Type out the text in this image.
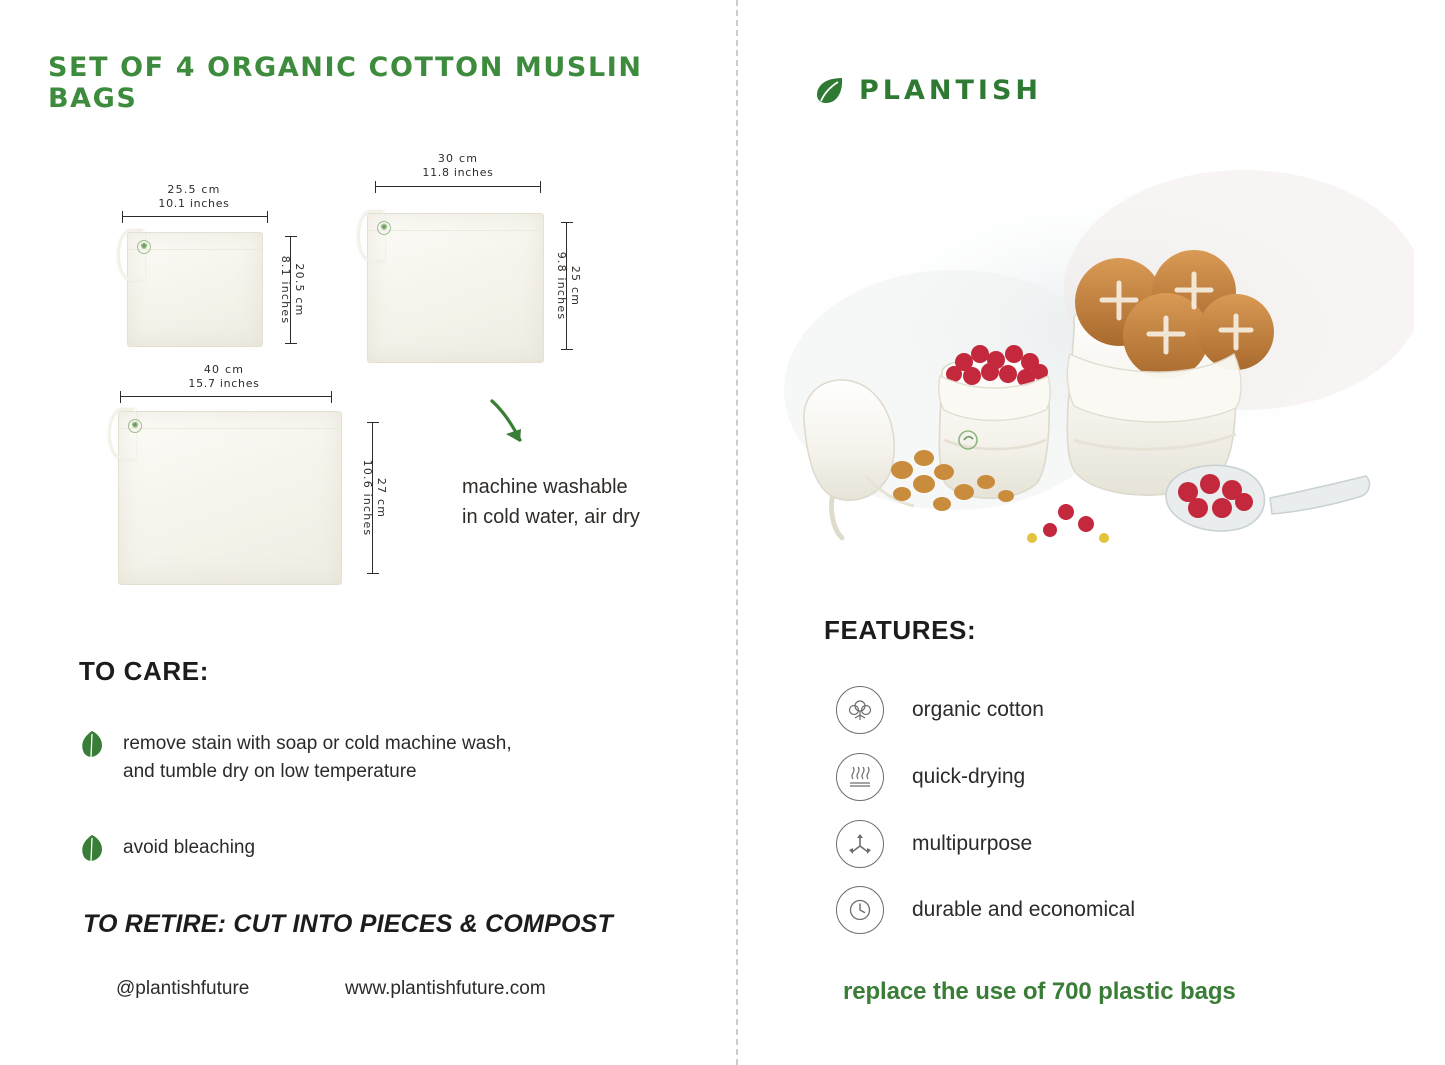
SET OF 4 ORGANIC COTTON MUSLIN BAGS
25.5 cm
10.1 inches
✺
20.5 cm
8.1 inches
30 cm
11.8 inches
✺
25 cm
9.8 inches
40 cm
15.7 inches
✺
27 cm
10.6 inches	machine washable
in cold water, air dry
TO CARE:
remove stain with soap or cold machine wash,
and tumble dry on low temperature
avoid bleaching
TO RETIRE: CUT INTO PIECES & COMPOST
@plantishfuture	www.plantishfuture.com
PLANTISH
FEATURES:
organic cotton
quick-drying
multipurpose
durable and economical
replace the use of 700 plastic bags
